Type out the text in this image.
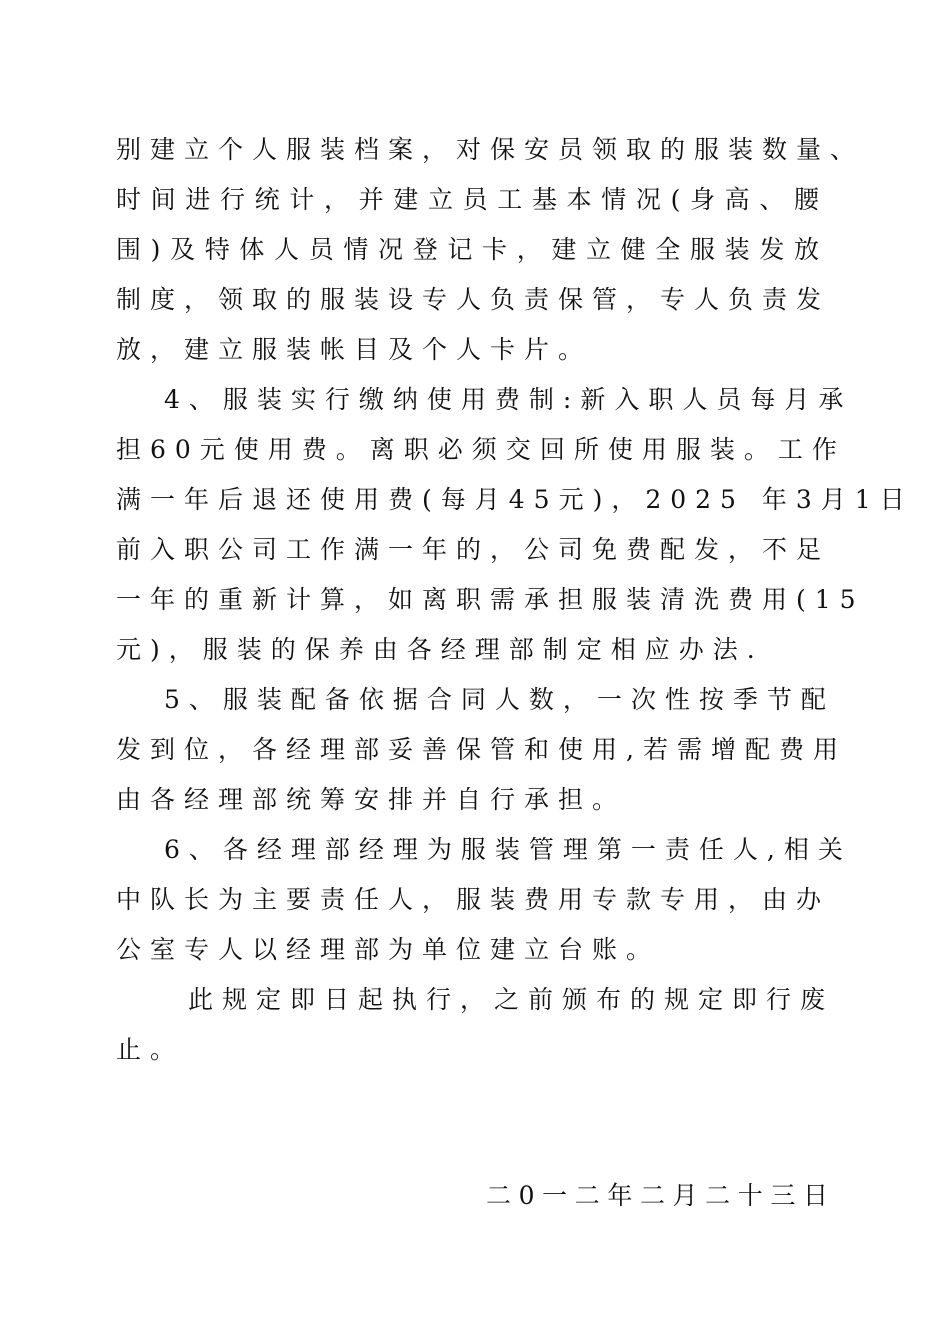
别建立个人服装档案，对保安员领取的服装数量、
时间进行统计，并建立员工基本情况(身高、腰
围)及特体人员情况登记卡，建立健全服装发放
制度，领取的服装设专人负责保管，专人负责发
放，建立服装帐目及个人卡片。
4、服装实行缴纳使用费制:新入职人员每月承
担60元使用费。离职必须交回所使用服装。工作
满一年后退还使用费(每月45元)，2025 年3月1日
前入职公司工作满一年的，公司免费配发，不足
一年的重新计算，如离职需承担服装清洗费用(15
元)，服装的保养由各经理部制定相应办法.
5、服装配备依据合同人数，一次性按季节配
发到位，各经理部妥善保管和使用,若需增配费用
由各经理部统筹安排并自行承担。
6、各经理部经理为服装管理第一责任人,相关
中队长为主要责任人，服装费用专款专用，由办
公室专人以经理部为单位建立台账。
此规定即日起执行，之前颁布的规定即行废
止。
二0一二年二月二十三日
